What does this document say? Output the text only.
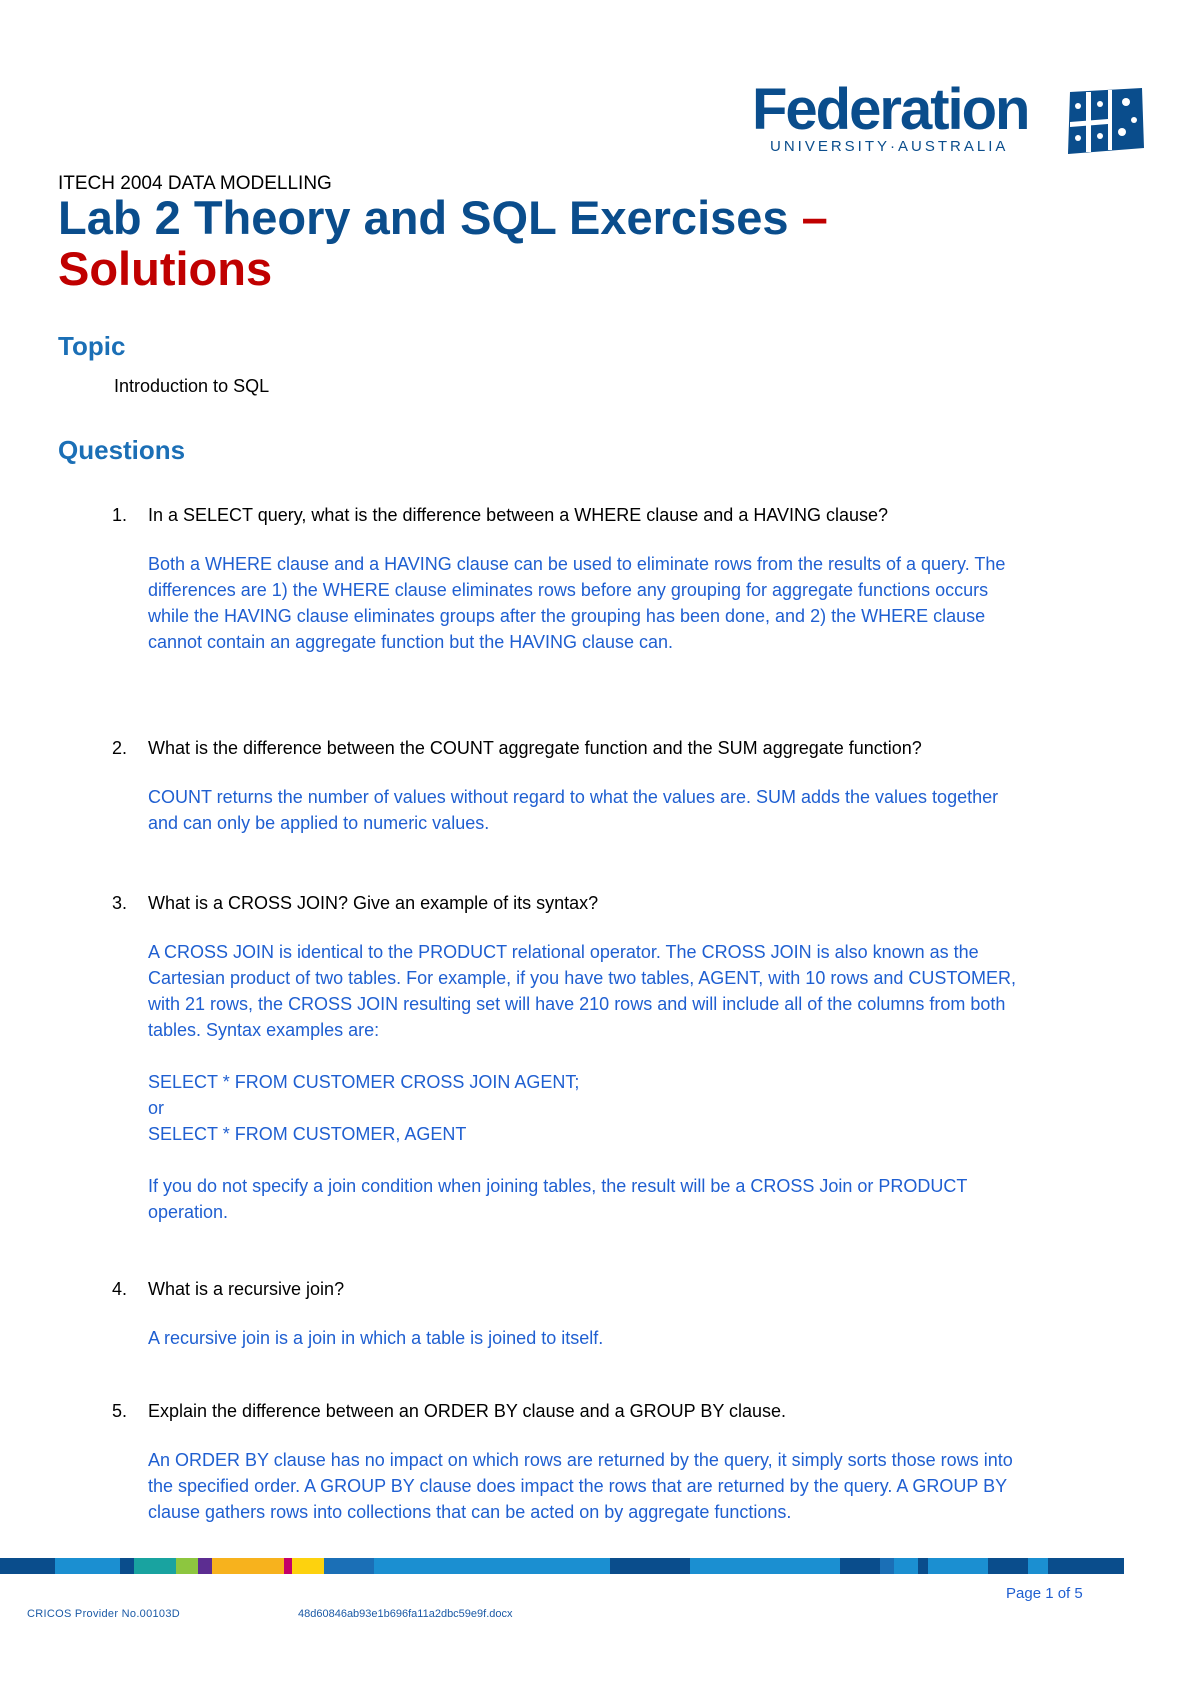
Federation
UNIVERSITY·AUSTRALIA
ITECH 2004 DATA MODELLING
Lab 2 Theory and SQL Exercises –
Solutions
Topic
Introduction to SQL
Questions
1. In a SELECT query, what is the difference between a WHERE clause and a HAVING clause?

Both a WHERE clause and a HAVING clause can be used to eliminate rows from the results of a query. The differences are 1) the WHERE clause eliminates rows before any grouping for aggregate functions occurs while the HAVING clause eliminates groups after the grouping has been done, and 2) the WHERE clause cannot contain an aggregate function but the HAVING clause can.

2. What is the difference between the COUNT aggregate function and the SUM aggregate function?

COUNT returns the number of values without regard to what the values are. SUM adds the values together and can only be applied to numeric values.

3. What is a CROSS JOIN? Give an example of its syntax?

A CROSS JOIN is identical to the PRODUCT relational operator. The CROSS JOIN is also known as the Cartesian product of two tables. For example, if you have two tables, AGENT, with 10 rows and CUSTOMER, with 21 rows, the CROSS JOIN resulting set will have 210 rows and will include all of the columns from both tables. Syntax examples are:

SELECT * FROM CUSTOMER CROSS JOIN AGENT;

or

SELECT * FROM CUSTOMER, AGENT

If you do not specify a join condition when joining tables, the result will be a CROSS Join or PRODUCT operation.

4. What is a recursive join?

A recursive join is a join in which a table is joined to itself.

5. Explain the difference between an ORDER BY clause and a GROUP BY clause.

An ORDER BY clause has no impact on which rows are returned by the query, it simply sorts those rows into the specified order. A GROUP BY clause does impact the rows that are returned by the query. A GROUP BY clause gathers rows into collections that can be acted on by aggregate functions.

Page 1 of 5
CRICOS Provider No.00103D	48d60846ab93e1b696fa11a2dbc59e9f.docx
